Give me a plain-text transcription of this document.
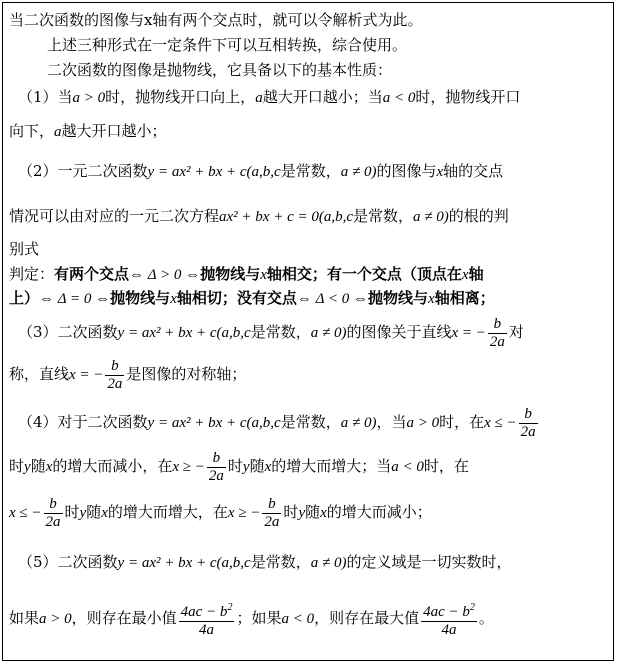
当二次函数的图像与x轴有两个交点时，就可以令解析式为此。
上述三种形式在一定条件下可以互相转换，综合使用。
二次函数的图像是抛物线，它具备以下的基本性质：
（1）当a > 0时，抛物线开口向上，a越大开口越小；当a < 0时，抛物线开口
向下，a越大开口越小；
（2）一元二次函数y = ax² + bx + c(a,b,c是常数，a ≠ 0)的图像与x轴的交点
情况可以由对应的一元二次方程ax² + bx + c = 0(a,b,c是常数，a ≠ 0)的根的判
别式
判定：有两个交点⇔ Δ > 0 ⇔抛物线与x轴相交；有一个交点（顶点在x轴
上）⇔ Δ = 0 ⇔抛物线与x轴相切；没有交点⇔ Δ < 0 ⇔抛物线与x轴相离；
（3）二次函数y = ax² + bx + c(a,b,c是常数，a ≠ 0)的图像关于直线x = − $\frac{b}{2a}$ 对
称，直线x = − $\frac{b}{2a}$ 是图像的对称轴；
（4）对于二次函数y = ax² + bx + c(a,b,c是常数，a ≠ 0)，当a > 0时，在x ≤ − $\frac{b}{2a}$
时y随x的增大而减小，在x ≥ − $\frac{b}{2a}$ 时y随x的增大而增大；当a < 0时，在
x ≤ − $\frac{b}{2a}$ 时y随x的增大而增大，在x ≥ − $\frac{b}{2a}$ 时y随x的增大而减小；
（5）二次函数y = ax² + bx + c(a,b,c是常数，a ≠ 0)的定义域是一切实数时，
如果a > 0，则存在最小值 $\frac{4ac - b^2}{4a}$ ；如果a < 0，则存在最大值 $\frac{4ac - b^2}{4a}$ 。
